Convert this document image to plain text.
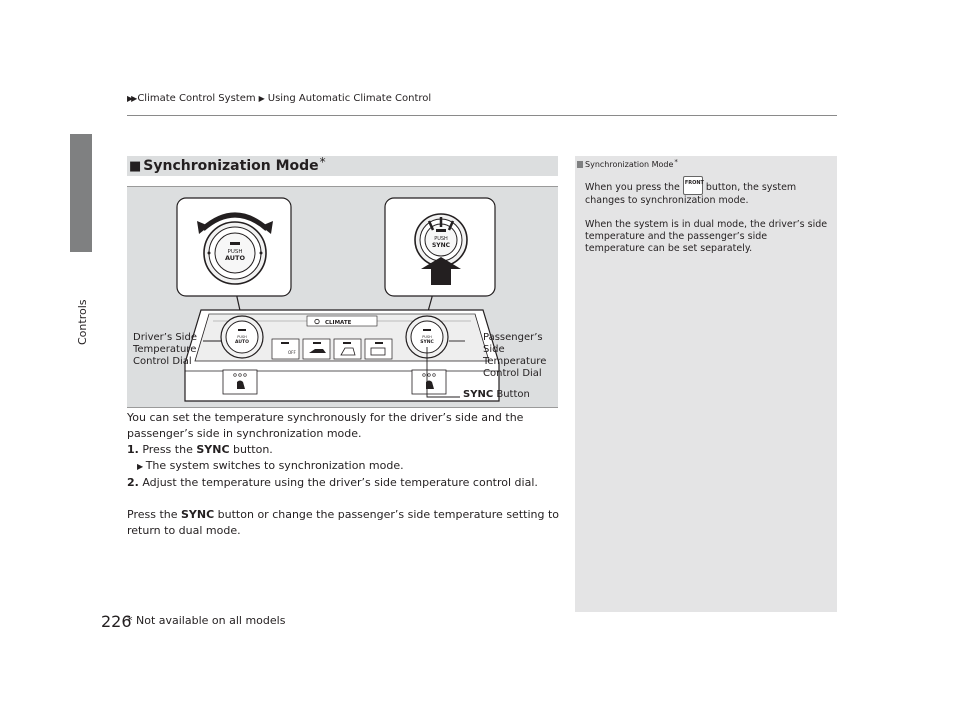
Controls
226
▶▶ Climate Control System ▶ Using Automatic Climate Control
■ Synchronization Mode *
PUSH
AUTO
PUSH
SYNC
CLIMATE
PUSH
AUTO
PUSH
SYNC
OFF
Driver’s Side
Temperature
Control Dial
Passenger’s
Side
Temperature
Control Dial
SYNC Button

You can set the temperature synchronously for the driver’s side and the passenger’s side in synchronization mode.

1. Press the SYNC button.

▶ The system switches to synchronization mode.

2. Adjust the temperature using the driver’s side temperature control dial.

Press the SYNC button or change the passenger’s side temperature setting to return to dual mode.

Synchronization Mode *

When you press the FRONT button, the system changes to synchronization mode.

When the system is in dual mode, the driver’s side temperature and the passenger’s side temperature can be set separately.

* Not available on all models
